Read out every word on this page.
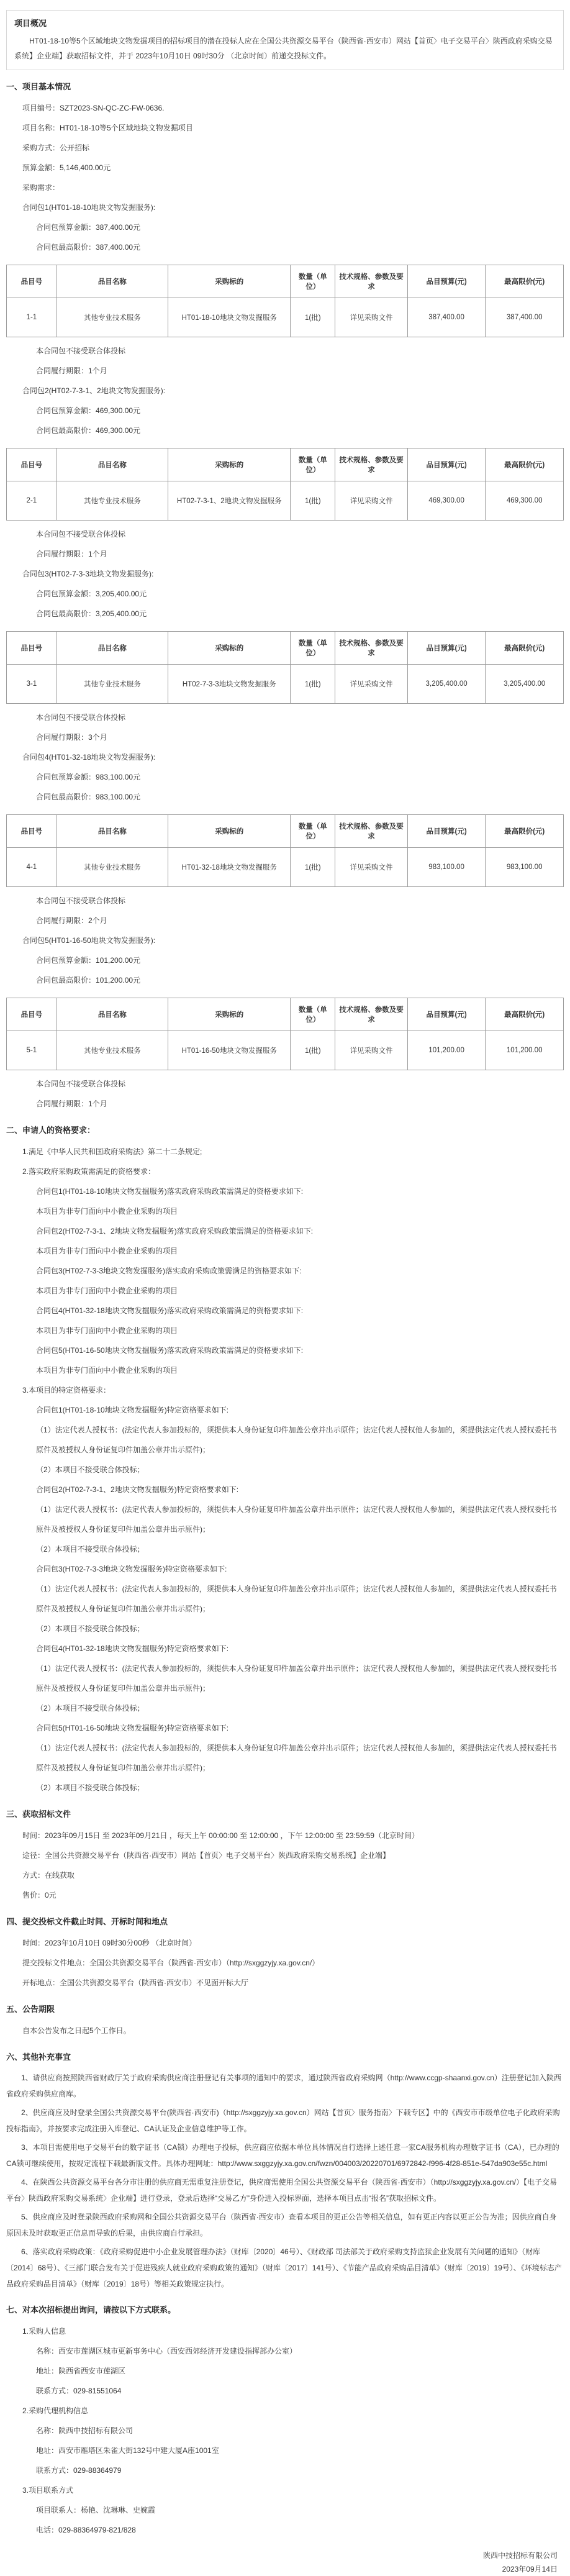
项目概况
HT01-18-10等5个区域地块文物发掘项目的招标项目的潜在投标人应在全国公共资源交易平台（陕西省·西安市）网站【首页〉电子交易平台〉陕西政府采购交易系统】企业端】获取招标文件，并于 2023年10月10日 09时30分 （北京时间）前递交投标文件。
一、项目基本情况
项目编号：SZT2023-SN-QC-ZC-FW-0636.
项目名称：HT01-18-10等5个区域地块文物发掘项目
采购方式：公开招标
预算金额：5,146,400.00元
采购需求：
合同包1(HT01-18-10地块文物发掘服务):
合同包预算金额：387,400.00元
合同包最高限价：387,400.00元
品目号	品目名称	采购标的	数量（单位）	技术规格、参数及要求	品目预算(元)	最高限价(元)
1-1	其他专业技术服务	HT01-18-10地块文物发掘服务	1(批)	详见采购文件	387,400.00	387,400.00
本合同包不接受联合体投标
合同履行期限：1个月
合同包2(HT02-7-3-1、2地块文物发掘服务):
合同包预算金额：469,300.00元
合同包最高限价：469,300.00元
品目号	品目名称	采购标的	数量（单位）	技术规格、参数及要求	品目预算(元)	最高限价(元)
2-1	其他专业技术服务	HT02-7-3-1、2地块文物发掘服务	1(批)	详见采购文件	469,300.00	469,300.00
本合同包不接受联合体投标
合同履行期限：1个月
合同包3(HT02-7-3-3地块文物发掘服务):
合同包预算金额：3,205,400.00元
合同包最高限价：3,205,400.00元
品目号	品目名称	采购标的	数量（单位）	技术规格、参数及要求	品目预算(元)	最高限价(元)
3-1	其他专业技术服务	HT02-7-3-3地块文物发掘服务	1(批)	详见采购文件	3,205,400.00	3,205,400.00
本合同包不接受联合体投标
合同履行期限：3个月
合同包4(HT01-32-18地块文物发掘服务):
合同包预算金额：983,100.00元
合同包最高限价：983,100.00元
品目号	品目名称	采购标的	数量（单位）	技术规格、参数及要求	品目预算(元)	最高限价(元)
4-1	其他专业技术服务	HT01-32-18地块文物发掘服务	1(批)	详见采购文件	983,100.00	983,100.00
本合同包不接受联合体投标
合同履行期限：2个月
合同包5(HT01-16-50地块文物发掘服务):
合同包预算金额：101,200.00元
合同包最高限价：101,200.00元
品目号	品目名称	采购标的	数量（单位）	技术规格、参数及要求	品目预算(元)	最高限价(元)
5-1	其他专业技术服务	HT01-16-50地块文物发掘服务	1(批)	详见采购文件	101,200.00	101,200.00
本合同包不接受联合体投标
合同履行期限：1个月
二、申请人的资格要求：
1.满足《中华人民共和国政府采购法》第二十二条规定;
2.落实政府采购政策需满足的资格要求：
合同包1(HT01-18-10地块文物发掘服务)落实政府采购政策需满足的资格要求如下:
本项目为非专门面向中小微企业采购的项目
合同包2(HT02-7-3-1、2地块文物发掘服务)落实政府采购政策需满足的资格要求如下:
本项目为非专门面向中小微企业采购的项目
合同包3(HT02-7-3-3地块文物发掘服务)落实政府采购政策需满足的资格要求如下:
本项目为非专门面向中小微企业采购的项目
合同包4(HT01-32-18地块文物发掘服务)落实政府采购政策需满足的资格要求如下:
本项目为非专门面向中小微企业采购的项目
合同包5(HT01-16-50地块文物发掘服务)落实政府采购政策需满足的资格要求如下:
本项目为非专门面向中小微企业采购的项目
3.本项目的特定资格要求：
合同包1(HT01-18-10地块文物发掘服务)特定资格要求如下:
（1）法定代表人授权书：(法定代表人参加投标的，须提供本人身份证复印件加盖公章并出示原件；法定代表人授权他人参加的，须提供法定代表人授权委托书原件及被授权人身份证复印件加盖公章并出示原件)；
（2）本项目不接受联合体投标；
合同包2(HT02-7-3-1、2地块文物发掘服务)特定资格要求如下:
（1）法定代表人授权书：(法定代表人参加投标的，须提供本人身份证复印件加盖公章并出示原件；法定代表人授权他人参加的，须提供法定代表人授权委托书原件及被授权人身份证复印件加盖公章并出示原件)；
（2）本项目不接受联合体投标；
合同包3(HT02-7-3-3地块文物发掘服务)特定资格要求如下:
（1）法定代表人授权书：(法定代表人参加投标的，须提供本人身份证复印件加盖公章并出示原件；法定代表人授权他人参加的，须提供法定代表人授权委托书原件及被授权人身份证复印件加盖公章并出示原件)；
（2）本项目不接受联合体投标；
合同包4(HT01-32-18地块文物发掘服务)特定资格要求如下:
（1）法定代表人授权书：(法定代表人参加投标的，须提供本人身份证复印件加盖公章并出示原件；法定代表人授权他人参加的，须提供法定代表人授权委托书原件及被授权人身份证复印件加盖公章并出示原件)；
（2）本项目不接受联合体投标；
合同包5(HT01-16-50地块文物发掘服务)特定资格要求如下:
（1）法定代表人授权书：(法定代表人参加投标的，须提供本人身份证复印件加盖公章并出示原件；法定代表人授权他人参加的，须提供法定代表人授权委托书原件及被授权人身份证复印件加盖公章并出示原件)；
（2）本项目不接受联合体投标；
三、获取招标文件
时间：2023年09月15日 至 2023年09月21日 ，每天上午 00:00:00 至 12:00:00 ，下午 12:00:00 至 23:59:59（北京时间）
途径：全国公共资源交易平台（陕西省·西安市）网站【首页〉电子交易平台〉陕西政府采购交易系统】企业端】
方式：在线获取
售价：0元
四、提交投标文件截止时间、开标时间和地点
时间：2023年10月10日 09时30分00秒 （北京时间）
提交投标文件地点：全国公共资源交易平台（陕西省·西安市）（http://sxggzyjy.xa.gov.cn/）
开标地点：全国公共资源交易平台（陕西省·西安市）不见面开标大厅
五、公告期限
自本公告发布之日起5个工作日。
六、其他补充事宜
1、请供应商按照陕西省财政厅关于政府采购供应商注册登记有关事项的通知中的要求，通过陕西省政府采购网（http://www.ccgp-shaanxi.gov.cn）注册登记加入陕西省政府采购供应商库。
2、供应商应及时登录全国公共资源交易平台(陕西省·西安市)（http://sxggzyjy.xa.gov.cn）网站【首页〉服务指南〉下载专区】中的《西安市市级单位电子化政府采购投标指南》，并按要求完成注册入库登记、CA认证及企业信息维护等工作。
3、本项目需使用电子交易平台的数字证书（CA锁）办理电子投标，供应商应依据本单位具体情况自行选择上述任意一家CA服务机构办理数字证书（CA），已办理的CA锁可继续使用，按规定流程下载最新版文件。具体办理网址：http://www.sxggzyjy.xa.gov.cn/fwzn/004003/20220701/6972842-f996-4f28-851e-547da903e55c.html
4、在陕西公共资源交易平台各分市注册的供应商无需重复注册登记，供应商需使用全国公共资源交易平台（陕西省·西安市）（http://sxggzyjy.xa.gov.cn/）【电子交易平台〉陕西政府采购交易系统〉企业端】进行登录，登录后选择“交易乙方”身份进入投标界面，选择本项目点击“报名”获取招标文件。
5、供应商应及时登录陕西政府采购网和全国公共资源交易平台（陕西省·西安市）查看本项目的更正公告等相关信息，如有更正内容以更正公告为准；因供应商自身原因未及时获取更正信息而导致的后果，由供应商自行承担。
6、落实政府采购政策：《政府采购促进中小企业发展管理办法》（财库〔2020〕46号）、《财政部 司法部关于政府采购支持监狱企业发展有关问题的通知》（财库〔2014〕68号）、《三部门联合发布关于促进残疾人就业政府采购政策的通知》（财库〔2017〕141号）、《节能产品政府采购品目清单》（财库〔2019〕19号）、《环境标志产品政府采购品目清单》（财库〔2019〕18号）等相关政策规定执行。
七、对本次招标提出询问，请按以下方式联系。
1.采购人信息
名称：西安市莲湖区城市更新事务中心（西安西郊经济开发建设指挥部办公室）
地址：陕西省西安市莲湖区
联系方式：029-81551064
2.采购代理机构信息
名称：陕西中技招标有限公司
地址：西安市雁塔区朱雀大街132号中建大厦A座1001室
联系方式：029-88364979
3.项目联系方式
项目联系人：杨艳、沈琳琳、史婉霞
电话：029-88364979-821/828
陕西中技招标有限公司
2023年09月14日
